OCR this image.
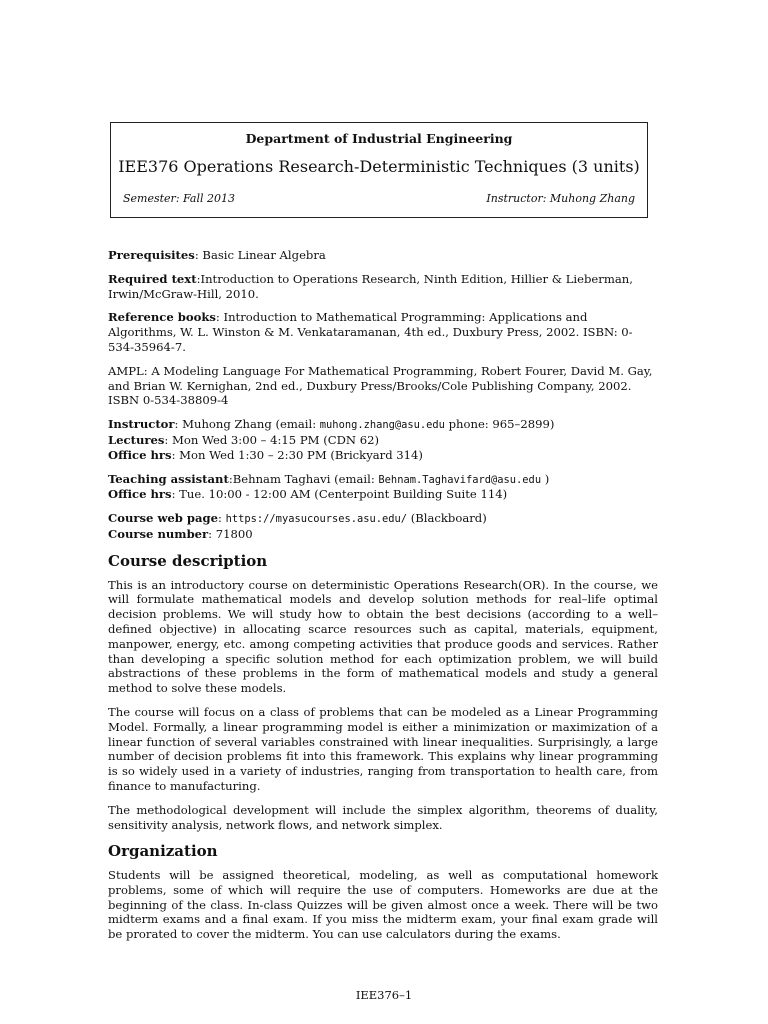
Department of Industrial Engineering
IEE376 Operations Research-Deterministic Techniques (3 units)
Semester: Fall 2013	Instructor: Muhong Zhang

Prerequisites: Basic Linear Algebra

Required text:Introduction to Operations Research, Ninth Edition, Hillier & Lieberman, Irwin/McGraw-Hill, 2010.

Reference books: Introduction to Mathematical Programming: Applications and Algorithms, W. L. Winston & M. Venkataramanan, 4th ed., Duxbury Press, 2002. ISBN: 0-534-35964-7.

AMPL: A Modeling Language For Mathematical Programming, Robert Fourer, David M. Gay, and Brian W. Kernighan, 2nd ed., Duxbury Press/Brooks/Cole Publishing Company, 2002. ISBN 0-534-38809-4

Instructor: Muhong Zhang (email: muhong.zhang@asu.edu phone: 965–2899)

Lectures: Mon Wed 3:00 – 4:15 PM (CDN 62)

Office hrs: Mon Wed 1:30 – 2:30 PM (Brickyard 314)

Teaching assistant:Behnam Taghavi (email: Behnam.Taghavifard@asu.edu )

Office hrs: Tue. 10:00 - 12:00 AM (Centerpoint Building Suite 114)

Course web page: https://myasucourses.asu.edu/ (Blackboard)

Course number: 71800

Course description

This is an introductory course on deterministic Operations Research(OR). In the course, we will formulate mathematical models and develop solution methods for real–life optimal decision problems. We will study how to obtain the best decisions (according to a well–defined objective) in allocating scarce resources such as capital, materials, equipment, manpower, energy, etc. among competing activities that produce goods and services. Rather than developing a specific solution method for each optimization problem, we will build abstractions of these problems in the form of mathematical models and study a general method to solve these models.

The course will focus on a class of problems that can be modeled as a Linear Programming Model. Formally, a linear programming model is either a minimization or maximization of a linear function of several variables constrained with linear inequalities. Surprisingly, a large number of decision problems fit into this framework. This explains why linear programming is so widely used in a variety of industries, ranging from transportation to health care, from finance to manufacturing.

The methodological development will include the simplex algorithm, theorems of duality, sensitivity analysis, network flows, and network simplex.

Organization

Students will be assigned theoretical, modeling, as well as computational homework problems, some of which will require the use of computers. Homeworks are due at the beginning of the class. In-class Quizzes will be given almost once a week. There will be two midterm exams and a final exam. If you miss the midterm exam, your final exam grade will be prorated to cover the midterm. You can use calculators during the exams.

IEE376–1
